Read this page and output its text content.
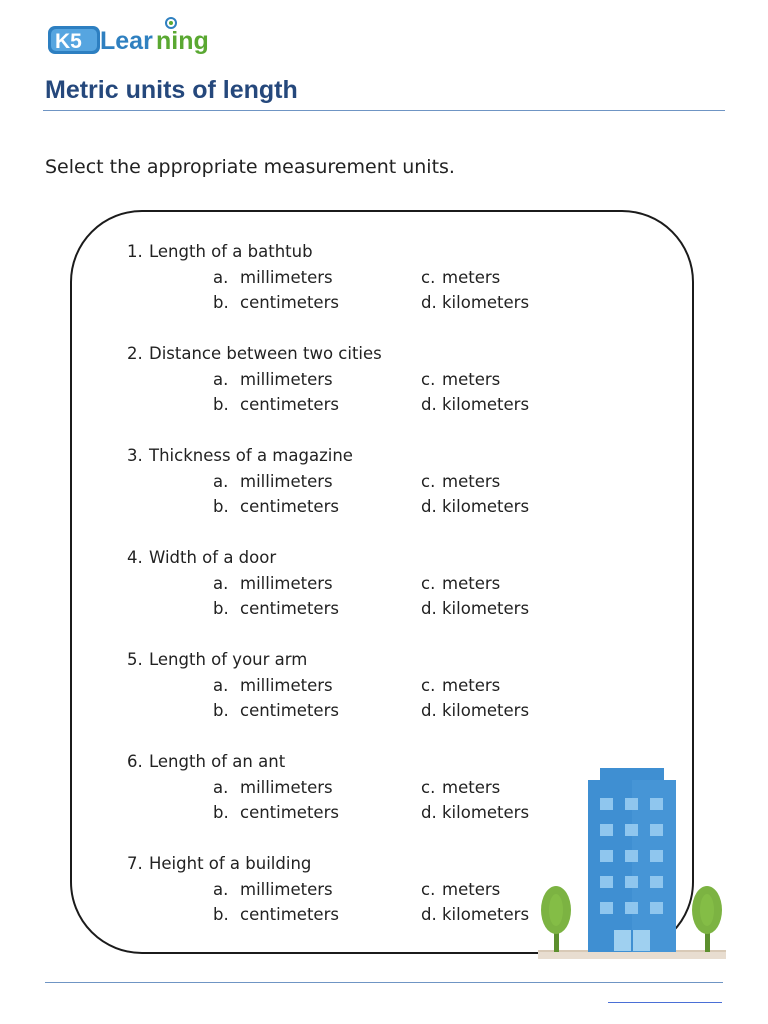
K5 Lear ning
Metric units of length

Select the appropriate measurement units.

1. Length of a bathtub
a. millimeters
b. centimeters
c. meters
d. kilometers
2. Distance between two cities
a. millimeters
b. centimeters
c. meters
d. kilometers
3. Thickness of a magazine
a. millimeters
b. centimeters
c. meters
d. kilometers
4. Width of a door
a. millimeters
b. centimeters
c. meters
d. kilometers
5. Length of your arm
a. millimeters
b. centimeters
c. meters
d. kilometers
6. Length of an ant
a. millimeters
b. centimeters
c. meters
d. kilometers
7. Height of a building
a. millimeters
b. centimeters
c. meters
d. kilometers
